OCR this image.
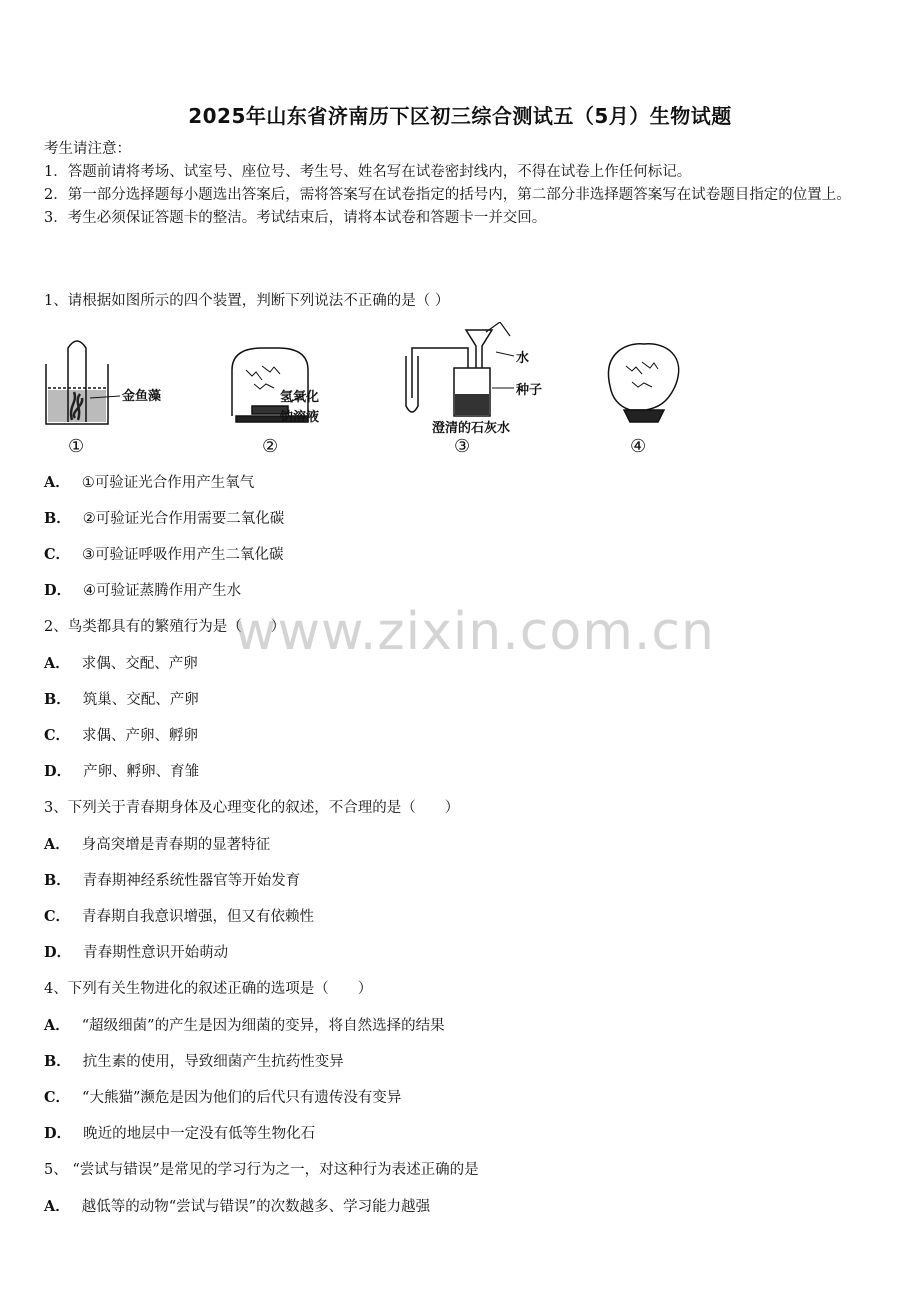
2025年山东省济南历下区初三综合测试五（5月）生物试题

考生请注意：

1．答题前请将考场、试室号、座位号、考生号、姓名写在试卷密封线内，不得在试卷上作任何标记。

2．第一部分选择题每小题选出答案后，需将答案写在试卷指定的括号内，第二部分非选择题答案写在试卷题目指定的位置上。

3．考生必须保证答题卡的整洁。考试结束后，请将本试卷和答题卡一并交回。

www.zixin.com.cn
1、请根据如图所示的四个装置，判断下列说法不正确的是（ ）
金鱼藻
①
氢氧化
钠溶液
②
水
种子
澄清的石灰水
③	④
A． ①可验证光合作用产生氧气
B． ②可验证光合作用需要二氧化碳
C． ③可验证呼吸作用产生二氧化碳
D． ④可验证蒸腾作用产生水
2、鸟类都具有的繁殖行为是（　　）
A． 求偶、交配、产卵
B． 筑巢、交配、产卵
C． 求偶、产卵、孵卵
D． 产卵、孵卵、育雏
3、下列关于青春期身体及心理变化的叙述，不合理的是（　　）
A． 身高突增是青春期的显著特征
B． 青春期神经系统性器官等开始发育
C． 青春期自我意识增强，但又有依赖性
D． 青春期性意识开始萌动
4、下列有关生物进化的叙述正确的选项是（　　）
A． “超级细菌”的产生是因为细菌的变异，将自然选择的结果
B． 抗生素的使用，导致细菌产生抗药性变异
C． “大熊猫”濒危是因为他们的后代只有遗传没有变异
D． 晚近的地层中一定没有低等生物化石
5、 “尝试与错误”是常见的学习行为之一，对这种行为表述正确的是
A． 越低等的动物“尝试与错误”的次数越多、学习能力越强
